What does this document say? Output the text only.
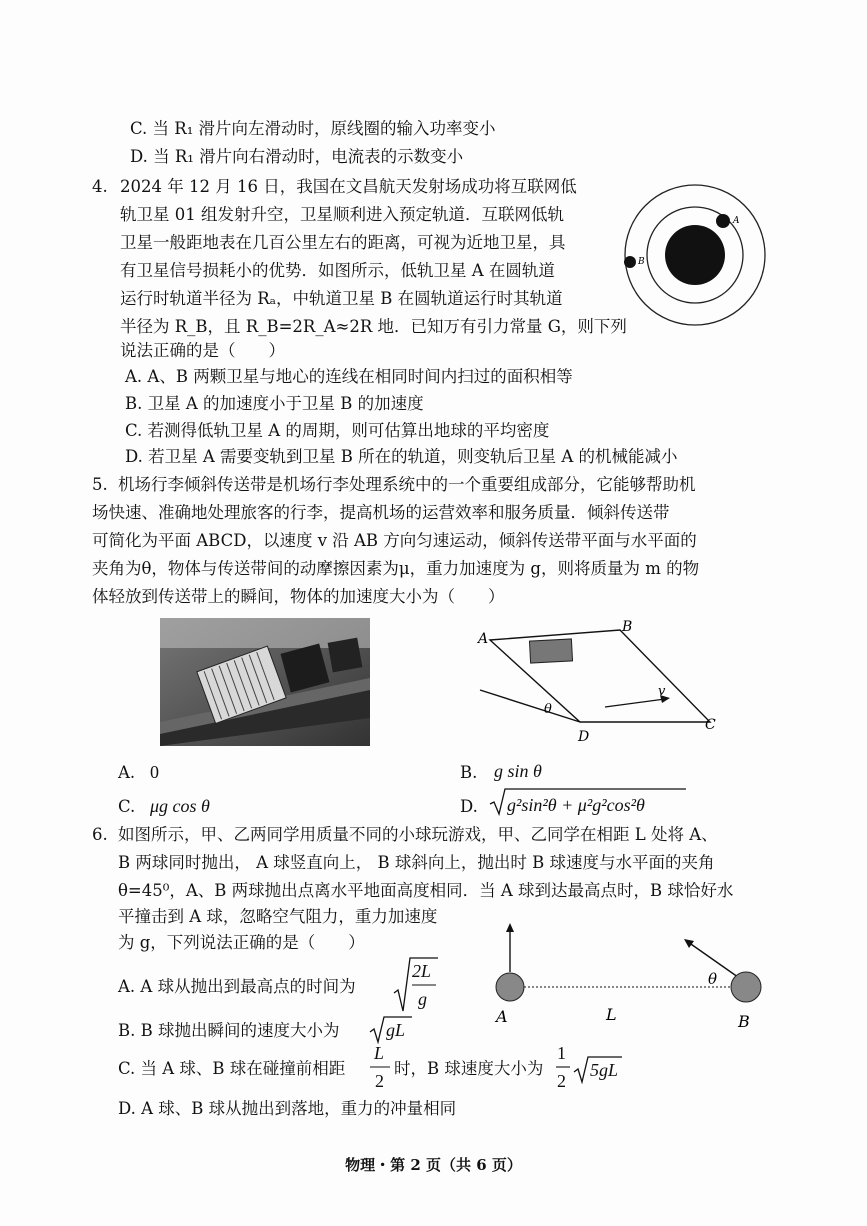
C. 当 R₁ 滑片向左滑动时，原线圈的输入功率变小
D. 当 R₁ 滑片向右滑动时，电流表的示数变小
4. 2024 年 12 月 16 日，我国在文昌航天发射场成功将互联网低
轨卫星 01 组发射升空，卫星顺利进入预定轨道．互联网低轨
卫星一般距地表在几百公里左右的距离，可视为近地卫星，具
有卫星信号损耗小的优势．如图所示，低轨卫星 A 在圆轨道
运行时轨道半径为 Rₐ，中轨道卫星 B 在圆轨道运行时其轨道
半径为 R_B，且 R_B=2R_A≈2R 地．已知万有引力常量 G，则下列
说法正确的是（　　）
A
B
A. A、B 两颗卫星与地心的连线在相同时间内扫过的面积相等
B. 卫星 A 的加速度小于卫星 B 的加速度
C. 若测得低轨卫星 A 的周期，则可估算出地球的平均密度
D. 若卫星 A 需要变轨到卫星 B 所在的轨道，则变轨后卫星 A 的机械能减小
5. 机场行李倾斜传送带是机场行李处理系统中的一个重要组成部分，它能够帮助机
场快速、准确地处理旅客的行李，提高机场的运营效率和服务质量．倾斜传送带
可简化为平面 ABCD，以速度 v 沿 AB 方向匀速运动，倾斜传送带平面与水平面的
夹角为θ，物体与传送带间的动摩擦因素为μ，重力加速度为 g，则将质量为 m 的物
体轻放到传送带上的瞬间，物体的加速度大小为（　　）
A
B
C
D
θ
v
A. 0	B. g sin θ
C. μg cos θ	D. g²sin²θ + μ²g²cos²θ
6. 如图所示，甲、乙两同学用质量不同的小球玩游戏，甲、乙同学在相距 L 处将 A、
B 两球同时抛出， A 球竖直向上， B 球斜向上，抛出时 B 球速度与水平面的夹角
θ=45⁰，A、B 两球抛出点离水平地面高度相同．当 A 球到达最高点时，B 球恰好水
平撞击到 A 球，忽略空气阻力，重力加速度
为 g，下列说法正确的是（　　）
A	L	B
θ
A. A 球从抛出到最高点的时间为
2L
g
B. B 球抛出瞬间的速度大小为	gL
C. 当 A 球、B 球在碰撞前相距
L
2
时，B 球速度大小为
1
2
5gL
D. A 球、B 球从抛出到落地，重力的冲量相同
物理・第 2 页（共 6 页）
